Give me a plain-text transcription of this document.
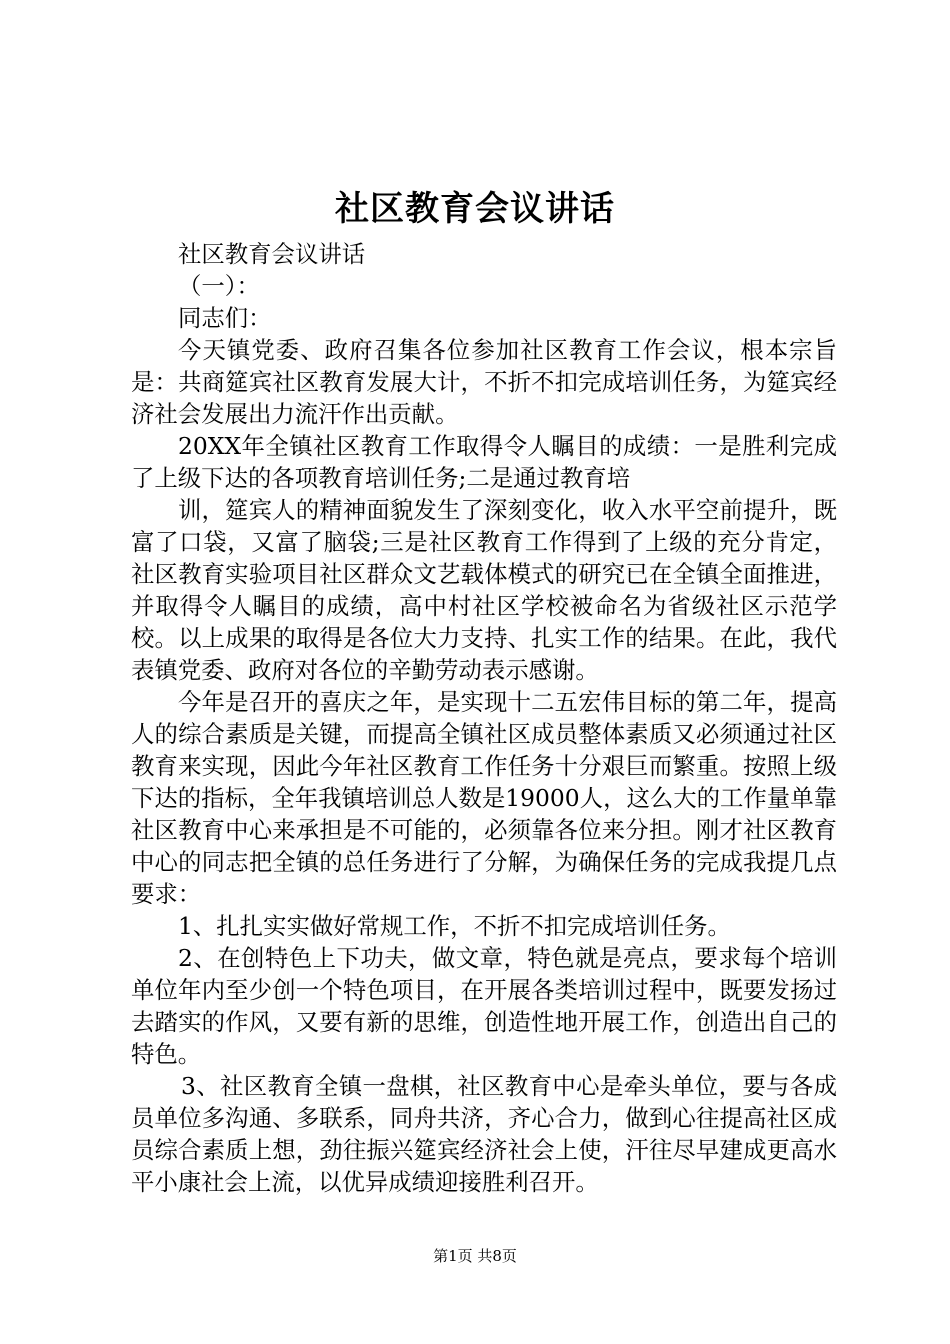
社区教育会议讲话

社区教育会议讲话

（一）：

同志们：

今天镇党委、政府召集各位参加社区教育工作会议，根本宗旨是：共商筵宾社区教育发展大计，不折不扣完成培训任务，为筵宾经济社会发展出力流汗作出贡献。

20XX年全镇社区教育工作取得令人瞩目的成绩：一是胜利完成了上级下达的各项教育培训任务;二是通过教育培

训，筵宾人的精神面貌发生了深刻变化，收入水平空前提升，既富了口袋，又富了脑袋;三是社区教育工作得到了上级的充分肯定，社区教育实验项目社区群众文艺载体模式的研究已在全镇全面推进，并取得令人瞩目的成绩，高中村社区学校被命名为省级社区示范学校。以上成果的取得是各位大力支持、扎实工作的结果。在此，我代表镇党委、政府对各位的辛勤劳动表示感谢。

今年是召开的喜庆之年，是实现十二五宏伟目标的第二年，提高人的综合素质是关键，而提高全镇社区成员整体素质又必须通过社区教育来实现，因此今年社区教育工作任务十分艰巨而繁重。按照上级下达的指标，全年我镇培训总人数是19000人，这么大的工作量单靠社区教育中心来承担是不可能的，必须靠各位来分担。刚才社区教育中心的同志把全镇的总任务进行了分解，为确保任务的完成我提几点要求：

1、扎扎实实做好常规工作，不折不扣完成培训任务。

2、在创特色上下功夫，做文章，特色就是亮点，要求每个培训单位年内至少创一个特色项目，在开展各类培训过程中，既要发扬过去踏实的作风，又要有新的思维，创造性地开展工作，创造出自己的特色。

3、社区教育全镇一盘棋，社区教育中心是牵头单位，要与各成员单位多沟通、多联系，同舟共济，齐心合力，做到心往提高社区成员综合素质上想，劲往振兴筵宾经济社会上使，汗往尽早建成更高水平小康社会上流，以优异成绩迎接胜利召开。

第1页 共8页
